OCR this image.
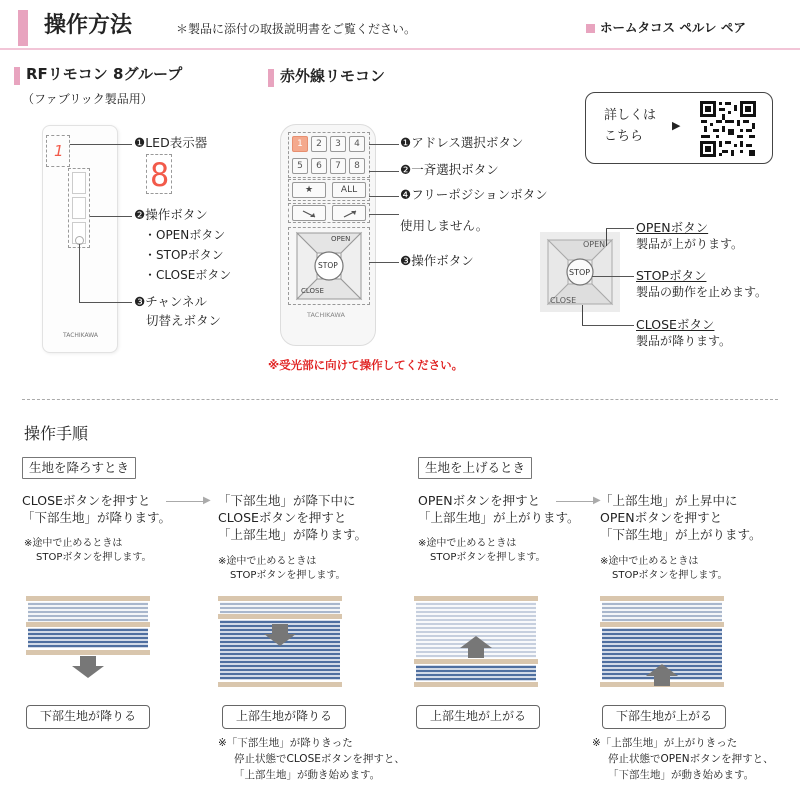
操作方法	＊製品に添付の取扱説明書をご覧ください。	ホームタコス ペルレ ペア
RFリモコン 8グループ
（ファブリック製品用）
1
TACHIKAWA
8
❶LED表示器
❷操作ボタン
・OPENボタン
・STOPボタン
・CLOSEボタン
❸チャンネル
切替えボタン
赤外線リモコン
1	2	3	4
5	6	7	8
★	ALL
OPEN
STOP
CLOSE
TACHIKAWA
❶アドレス選択ボタン
❷一斉選択ボタン
❹フリーポジションボタン
使用しません。
❸操作ボタン
※受光部に向けて操作してください。
詳しくは
こちら
▶
OPEN
STOP
CLOSE
OPENボタン
製品が上がります。
STOPボタン
製品の動作を止めます。
CLOSEボタン
製品が降ります。
操作手順
生地を降ろすとき	生地を上げるとき
CLOSEボタンを押すと
「下部生地」が降ります。
※途中で止めるときは
STOPボタンを押します。
▶ 「下部生地」が降下中に
CLOSEボタンを押すと
「上部生地」が降ります。
※途中で止めるときは
STOPボタンを押します。
OPENボタンを押すと
「上部生地」が上がります。
※途中で止めるときは
STOPボタンを押します。
▶ 「上部生地」が上昇中に
OPENボタンを押すと
「下部生地」が上がります。
※途中で止めるときは
STOPボタンを押します。
下部生地が降りる	上部生地が降りる	上部生地が上がる	下部生地が上がる
※「下部生地」が降りきった
停止状態でCLOSEボタンを押すと、
「上部生地」が動き始めます。
※「上部生地」が上がりきった
停止状態でOPENボタンを押すと、
「下部生地」が動き始めます。
